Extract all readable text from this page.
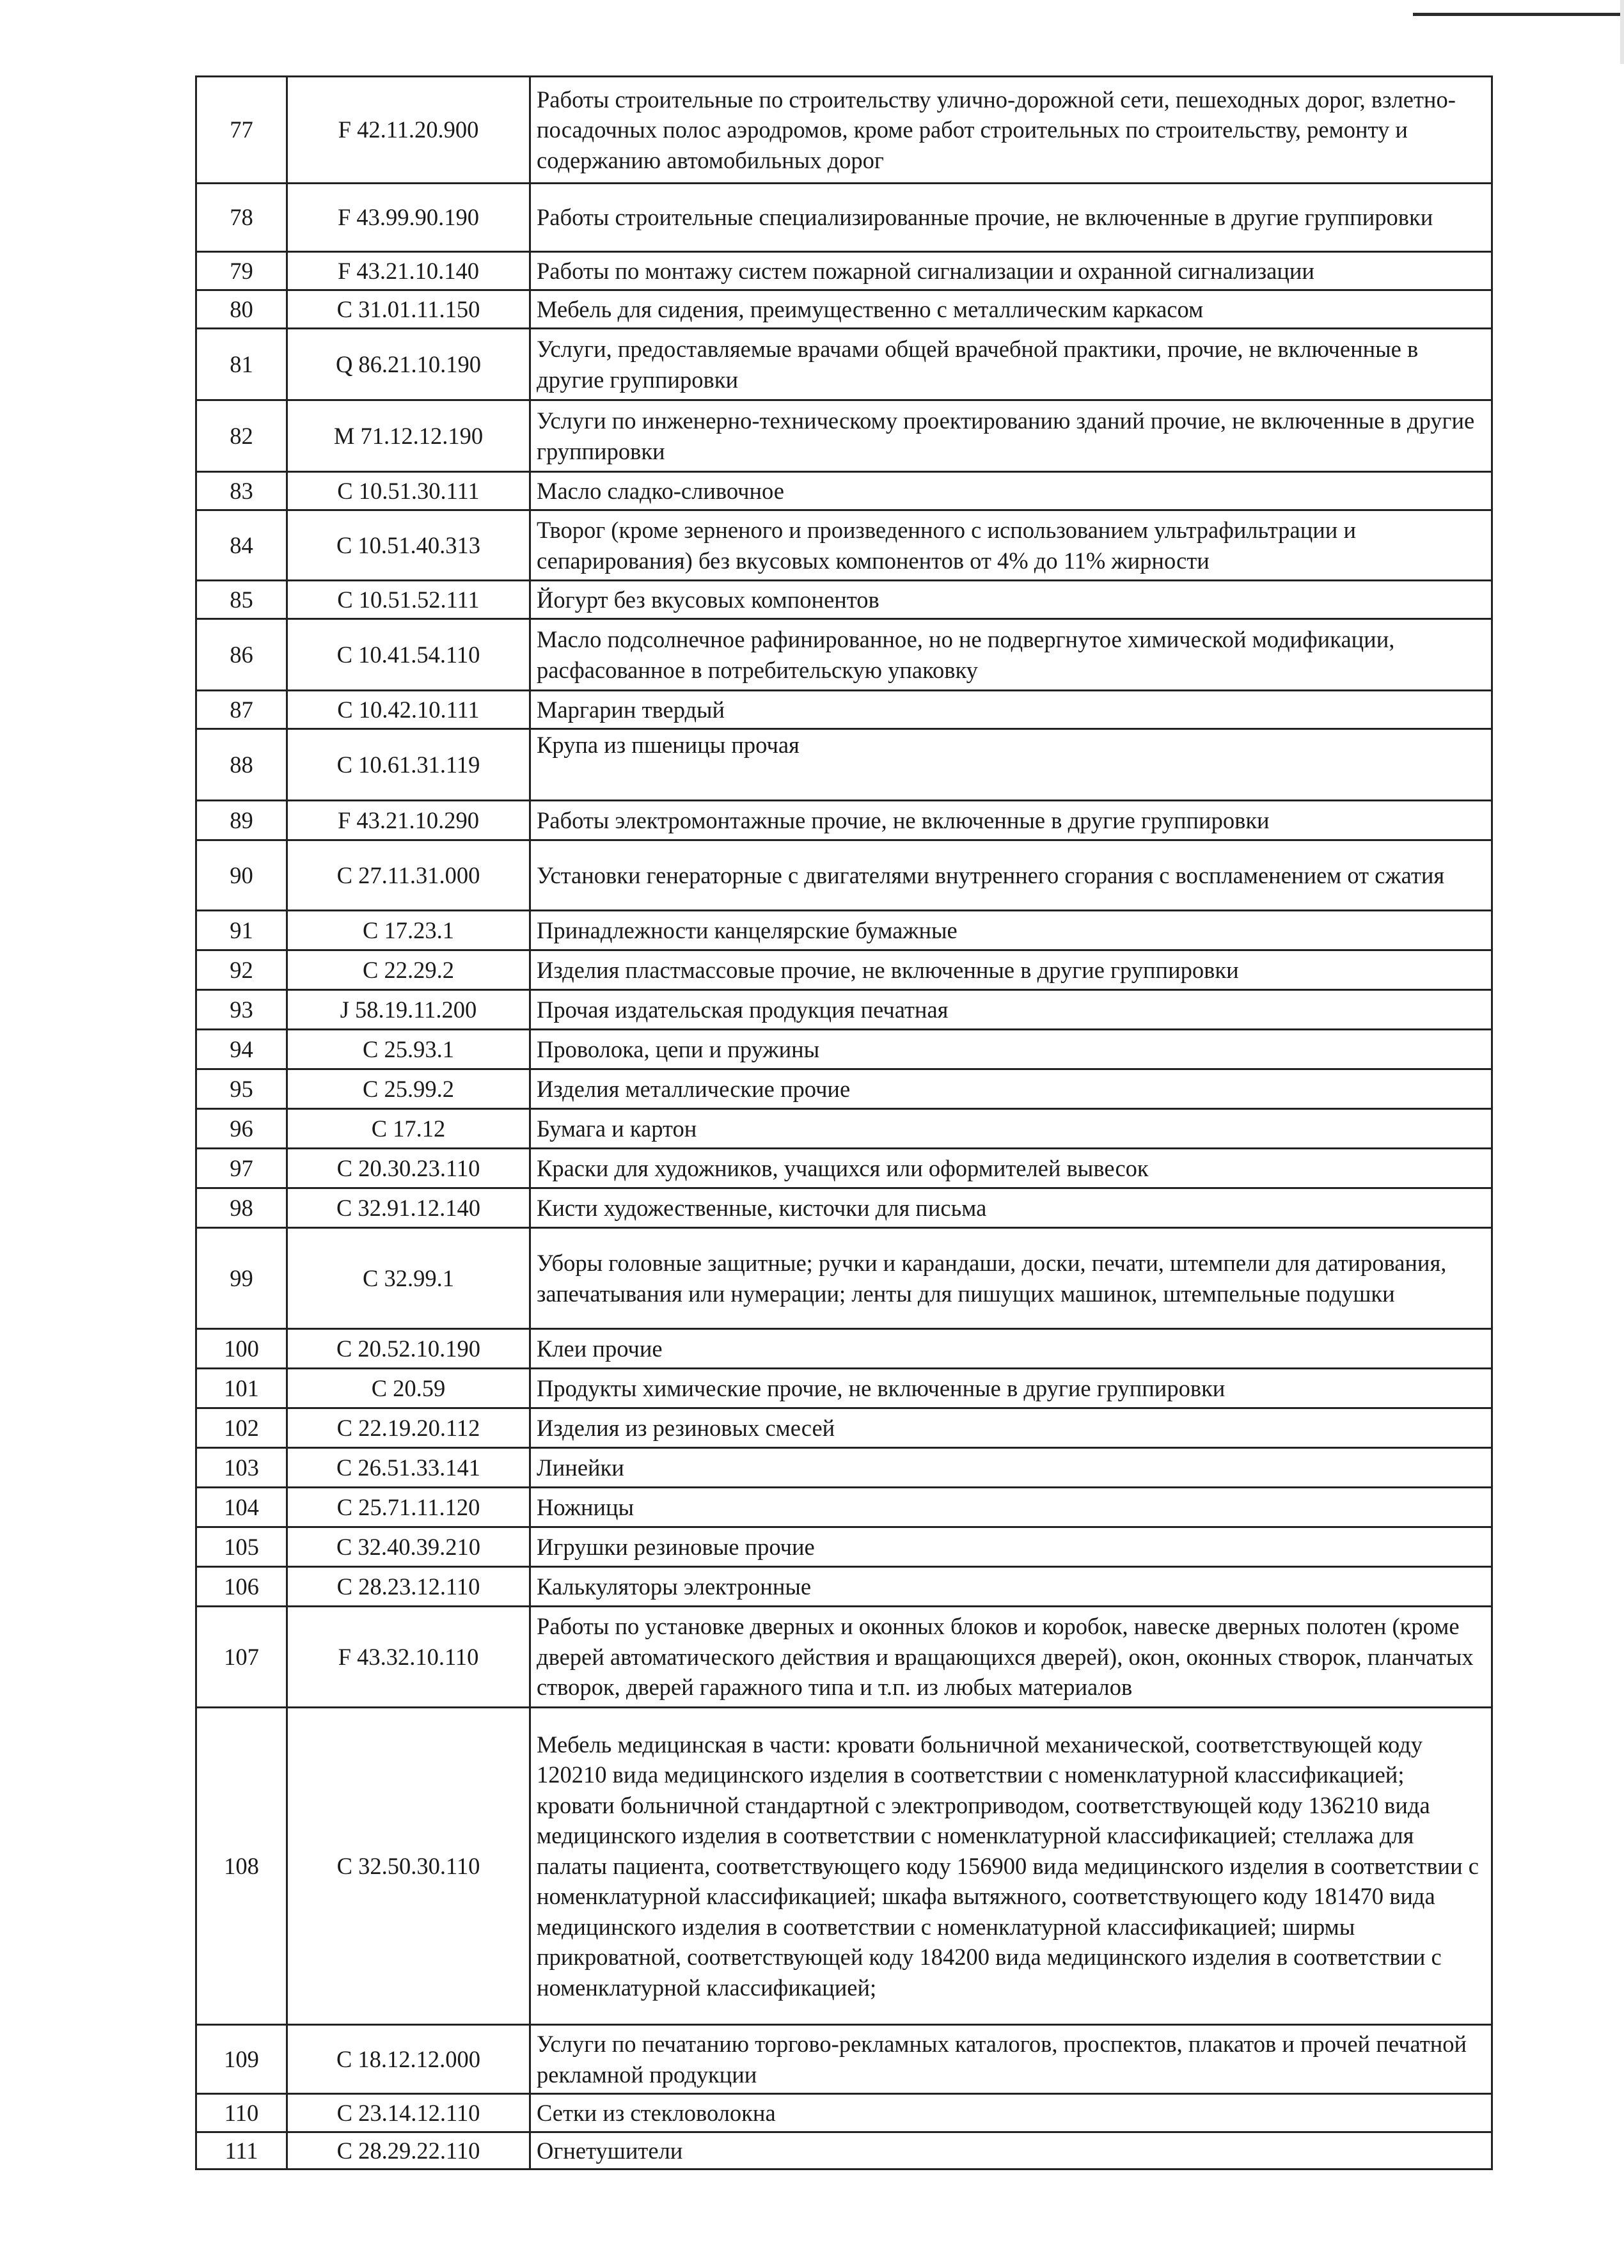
77	F 42.11.20.900	Работы строительные по строительству улично-дорожной сети, пешеходных дорог, взлетно-посадочных полос аэродромов, кроме работ строительных по строительству, ремонту и содержанию автомобильных дорог
78	F 43.99.90.190	Работы строительные специализированные прочие, не включенные в другие группировки
79	F 43.21.10.140	Работы по монтажу систем пожарной сигнализации и охранной сигнализации
80	C 31.01.11.150	Мебель для сидения, преимущественно с металлическим каркасом
81	Q 86.21.10.190	Услуги, предоставляемые врачами общей врачебной практики, прочие, не включенные в другие группировки
82	M 71.12.12.190	Услуги по инженерно-техническому проектированию зданий прочие, не включенные в другие группировки
83	C 10.51.30.111	Масло сладко-сливочное
84	C 10.51.40.313	Творог (кроме зерненого и произведенного с использованием ультрафильтрации и сепарирования) без вкусовых компонентов от 4% до 11% жирности
85	C 10.51.52.111	Йогурт без вкусовых компонентов
86	C 10.41.54.110	Масло подсолнечное рафинированное, но не подвергнутое химической модификации, расфасованное в потребительскую упаковку
87	C 10.42.10.111	Маргарин твердый
88	C 10.61.31.119	Крупа из пшеницы прочая
89	F 43.21.10.290	Работы электромонтажные прочие, не включенные в другие группировки
90	C 27.11.31.000	Установки генераторные с двигателями внутреннего сгорания с воспламенением от сжатия
91	C 17.23.1	Принадлежности канцелярские бумажные
92	C 22.29.2	Изделия пластмассовые прочие, не включенные в другие группировки
93	J 58.19.11.200	Прочая издательская продукция печатная
94	C 25.93.1	Проволока, цепи и пружины
95	C 25.99.2	Изделия металлические прочие
96	C 17.12	Бумага и картон
97	C 20.30.23.110	Краски для художников, учащихся или оформителей вывесок
98	C 32.91.12.140	Кисти художественные, кисточки для письма
99	C 32.99.1	Уборы головные защитные; ручки и карандаши, доски, печати, штемпели для датирования, запечатывания или нумерации; ленты для пишущих машинок, штемпельные подушки
100	C 20.52.10.190	Клеи прочие
101	C 20.59	Продукты химические прочие, не включенные в другие группировки
102	C 22.19.20.112	Изделия из резиновых смесей
103	C 26.51.33.141	Линейки
104	C 25.71.11.120	Ножницы
105	C 32.40.39.210	Игрушки резиновые прочие
106	C 28.23.12.110	Калькуляторы электронные
107	F 43.32.10.110	Работы по установке дверных и оконных блоков и коробок, навеске дверных полотен (кроме дверей автоматического действия и вращающихся дверей), окон, оконных створок, планчатых створок, дверей гаражного типа и т.п. из любых материалов
108	C 32.50.30.110	Мебель медицинская в части: кровати больничной механической, соответствующей коду 120210 вида медицинского изделия в соответствии с номенклатурной классификацией; кровати больничной стандартной с электроприводом, соответствующей коду 136210 вида медицинского изделия в соответствии с номенклатурной классификацией; стеллажа для палаты пациента, соответствующего коду 156900 вида медицинского изделия в соответствии с номенклатурной классификацией; шкафа вытяжного, соответствующего коду 181470 вида медицинского изделия в соответствии с номенклатурной классификацией; ширмы прикроватной, соответствующей коду 184200 вида медицинского изделия в соответствии с номенклатурной классификацией;
109	C 18.12.12.000	Услуги по печатанию торгово-рекламных каталогов, проспектов, плакатов и прочей печатной рекламной продукции
110	C 23.14.12.110	Сетки из стекловолокна
111	C 28.29.22.110	Огнетушители
